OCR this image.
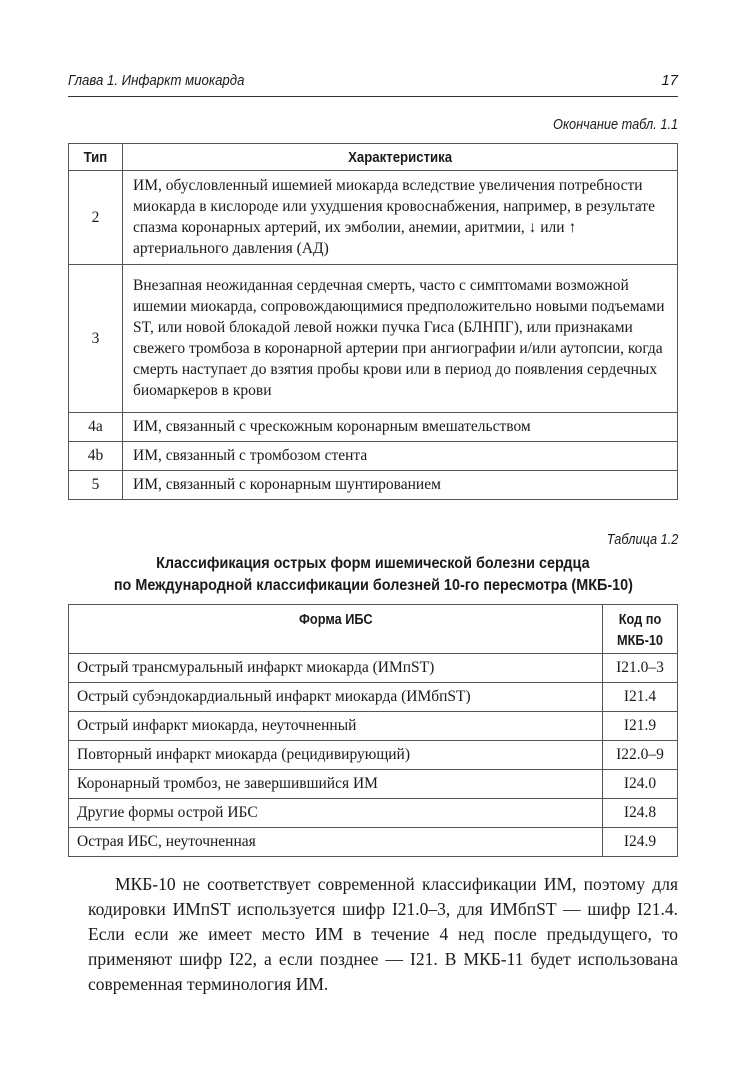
Глава 1. Инфаркт миокарда	17
Окончание табл. 1.1
Тип	Характеристика
2	ИМ, обусловленный ишемией миокарда вследствие увеличения потребности миокарда в кислороде или ухудшения кровоснабжения, например, в результате спазма коронарных артерий, их эмболии, анемии, аритмии, ↓ или ↑ артериального давления (АД)
3	Внезапная неожиданная сердечная смерть, часто с симптомами возможной ишемии миокарда, сопровождающимися предположительно новыми подъемами ST, или новой блокадой левой ножки пучка Гиса (БЛНПГ), или признаками свежего тромбоза в коронарной артерии при ангиографии и/или аутопсии, когда смерть наступает до взятия пробы крови или в период до появления сердечных биомаркеров в крови
4a	ИМ, связанный с чрескожным коронарным вмешательством
4b	ИМ, связанный с тромбозом стента
5	ИМ, связанный с коронарным шунтированием
Таблица 1.2
Классификация острых форм ишемической болезни сердца
по Международной классификации болезней 10-го пересмотра (МКБ-10)
Форма ИБС	Код по МКБ-10
Острый трансмуральный инфаркт миокарда (ИМпST)	I21.0–3
Острый субэндокардиальный инфаркт миокарда (ИМбпST)	I21.4
Острый инфаркт миокарда, неуточненный	I21.9
Повторный инфаркт миокарда (рецидивирующий)	I22.0–9
Коронарный тромбоз, не завершившийся ИМ	I24.0
Другие формы острой ИБС	I24.8
Острая ИБС, неуточненная	I24.9

МКБ-10 не соответствует современной классификации ИМ, поэтому для кодировки ИМпST используется шифр I21.0–3, для ИМбпST — шифр I21.4. Если если же имеет место ИМ в течение 4 нед после предыдущего, то применяют шифр I22, а если позднее — I21. В МКБ-11 будет использована современная терминология ИМ.
